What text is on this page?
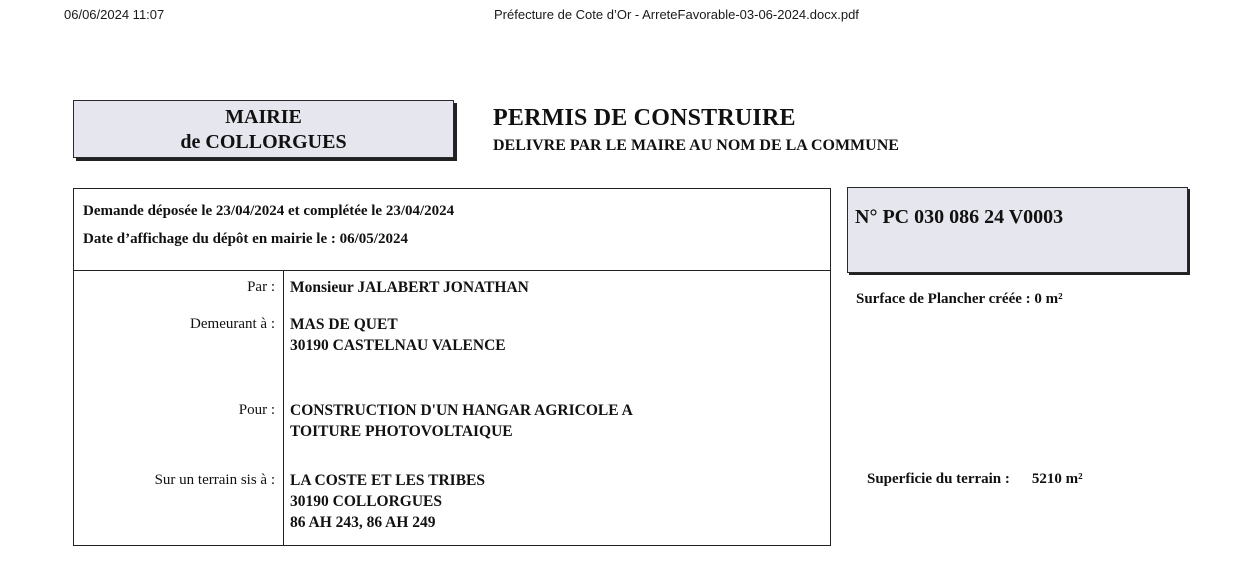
06/06/2024 11:07	Préfecture de Cote d’Or - ArreteFavorable-03-06-2024.docx.pdf
MAIRIE
de COLLORGUES
PERMIS DE CONSTRUIRE
DELIVRE PAR LE MAIRE AU NOM DE LA COMMUNE
Demande déposée le 23/04/2024 et complétée le 23/04/2024
Date d’affichage du dépôt en mairie le : 06/05/2024
Par : Monsieur JALABERT JONATHAN
Demeurant à : MAS DE QUET
30190 CASTELNAU VALENCE
Pour : CONSTRUCTION D'UN HANGAR AGRICOLE A
TOITURE PHOTOVOLTAIQUE
Sur un terrain sis à : LA COSTE ET LES TRIBES
30190 COLLORGUES
86 AH 243, 86 AH 249
N° PC 030 086 24 V0003
Surface de Plancher créée : 0 m²
Superficie du terrain : 5210 m²
